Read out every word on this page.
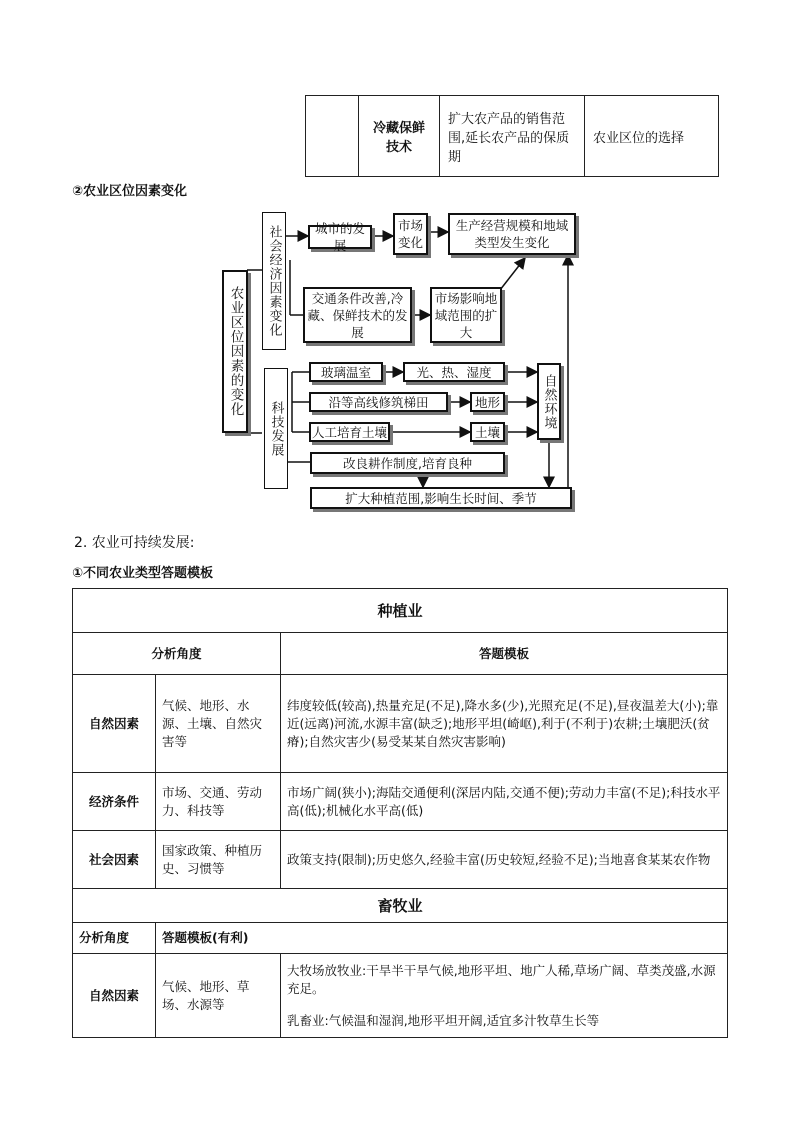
	冷藏保鲜技术	扩大农产品的销售范围,延长农产品的保质期	农业区位的选择
②农业区位因素变化
农业区位因素的变化
社会经济因素变化	城市的发展
市场变化
生产经营规模和地域类型发生变化
交通条件改善,冷藏、保鲜技术的发展
市场影响地域范围的扩大
科技发展
玻璃温室	光、热、湿度
沿等高线修筑梯田	地形
人工培育土壤	土壤
自然环境
改良耕作制度,培育良种
扩大种植范围,影响生长时间、季节
2. 农业可持续发展:
①不同农业类型答题模板
种植业		
分析角度		答题模板
自然因素	气候、地形、水源、土壤、自然灾害等	纬度较低(较高),热量充足(不足),降水多(少),光照充足(不足),昼夜温差大(小);靠近(远离)河流,水源丰富(缺乏);地形平坦(崎岖),利于(不利于)农耕;土壤肥沃(贫瘠);自然灾害少(易受某某自然灾害影响)
经济条件	市场、交通、劳动力、科技等	市场广阔(狭小);海陆交通便利(深居内陆,交通不便);劳动力丰富(不足);科技水平高(低);机械化水平高(低)
社会因素	国家政策、种植历史、习惯等	政策支持(限制);历史悠久,经验丰富(历史较短,经验不足);当地喜食某某农作物
畜牧业		
分析角度	答题模板(有利)	
自然因素	气候、地形、草场、水源等	大牧场放牧业:干旱半干旱气候,地形平坦、地广人稀,草场广阔、草类茂盛,水源充足。
乳畜业:气候温和湿润,地形平坦开阔,适宜多汁牧草生长等
